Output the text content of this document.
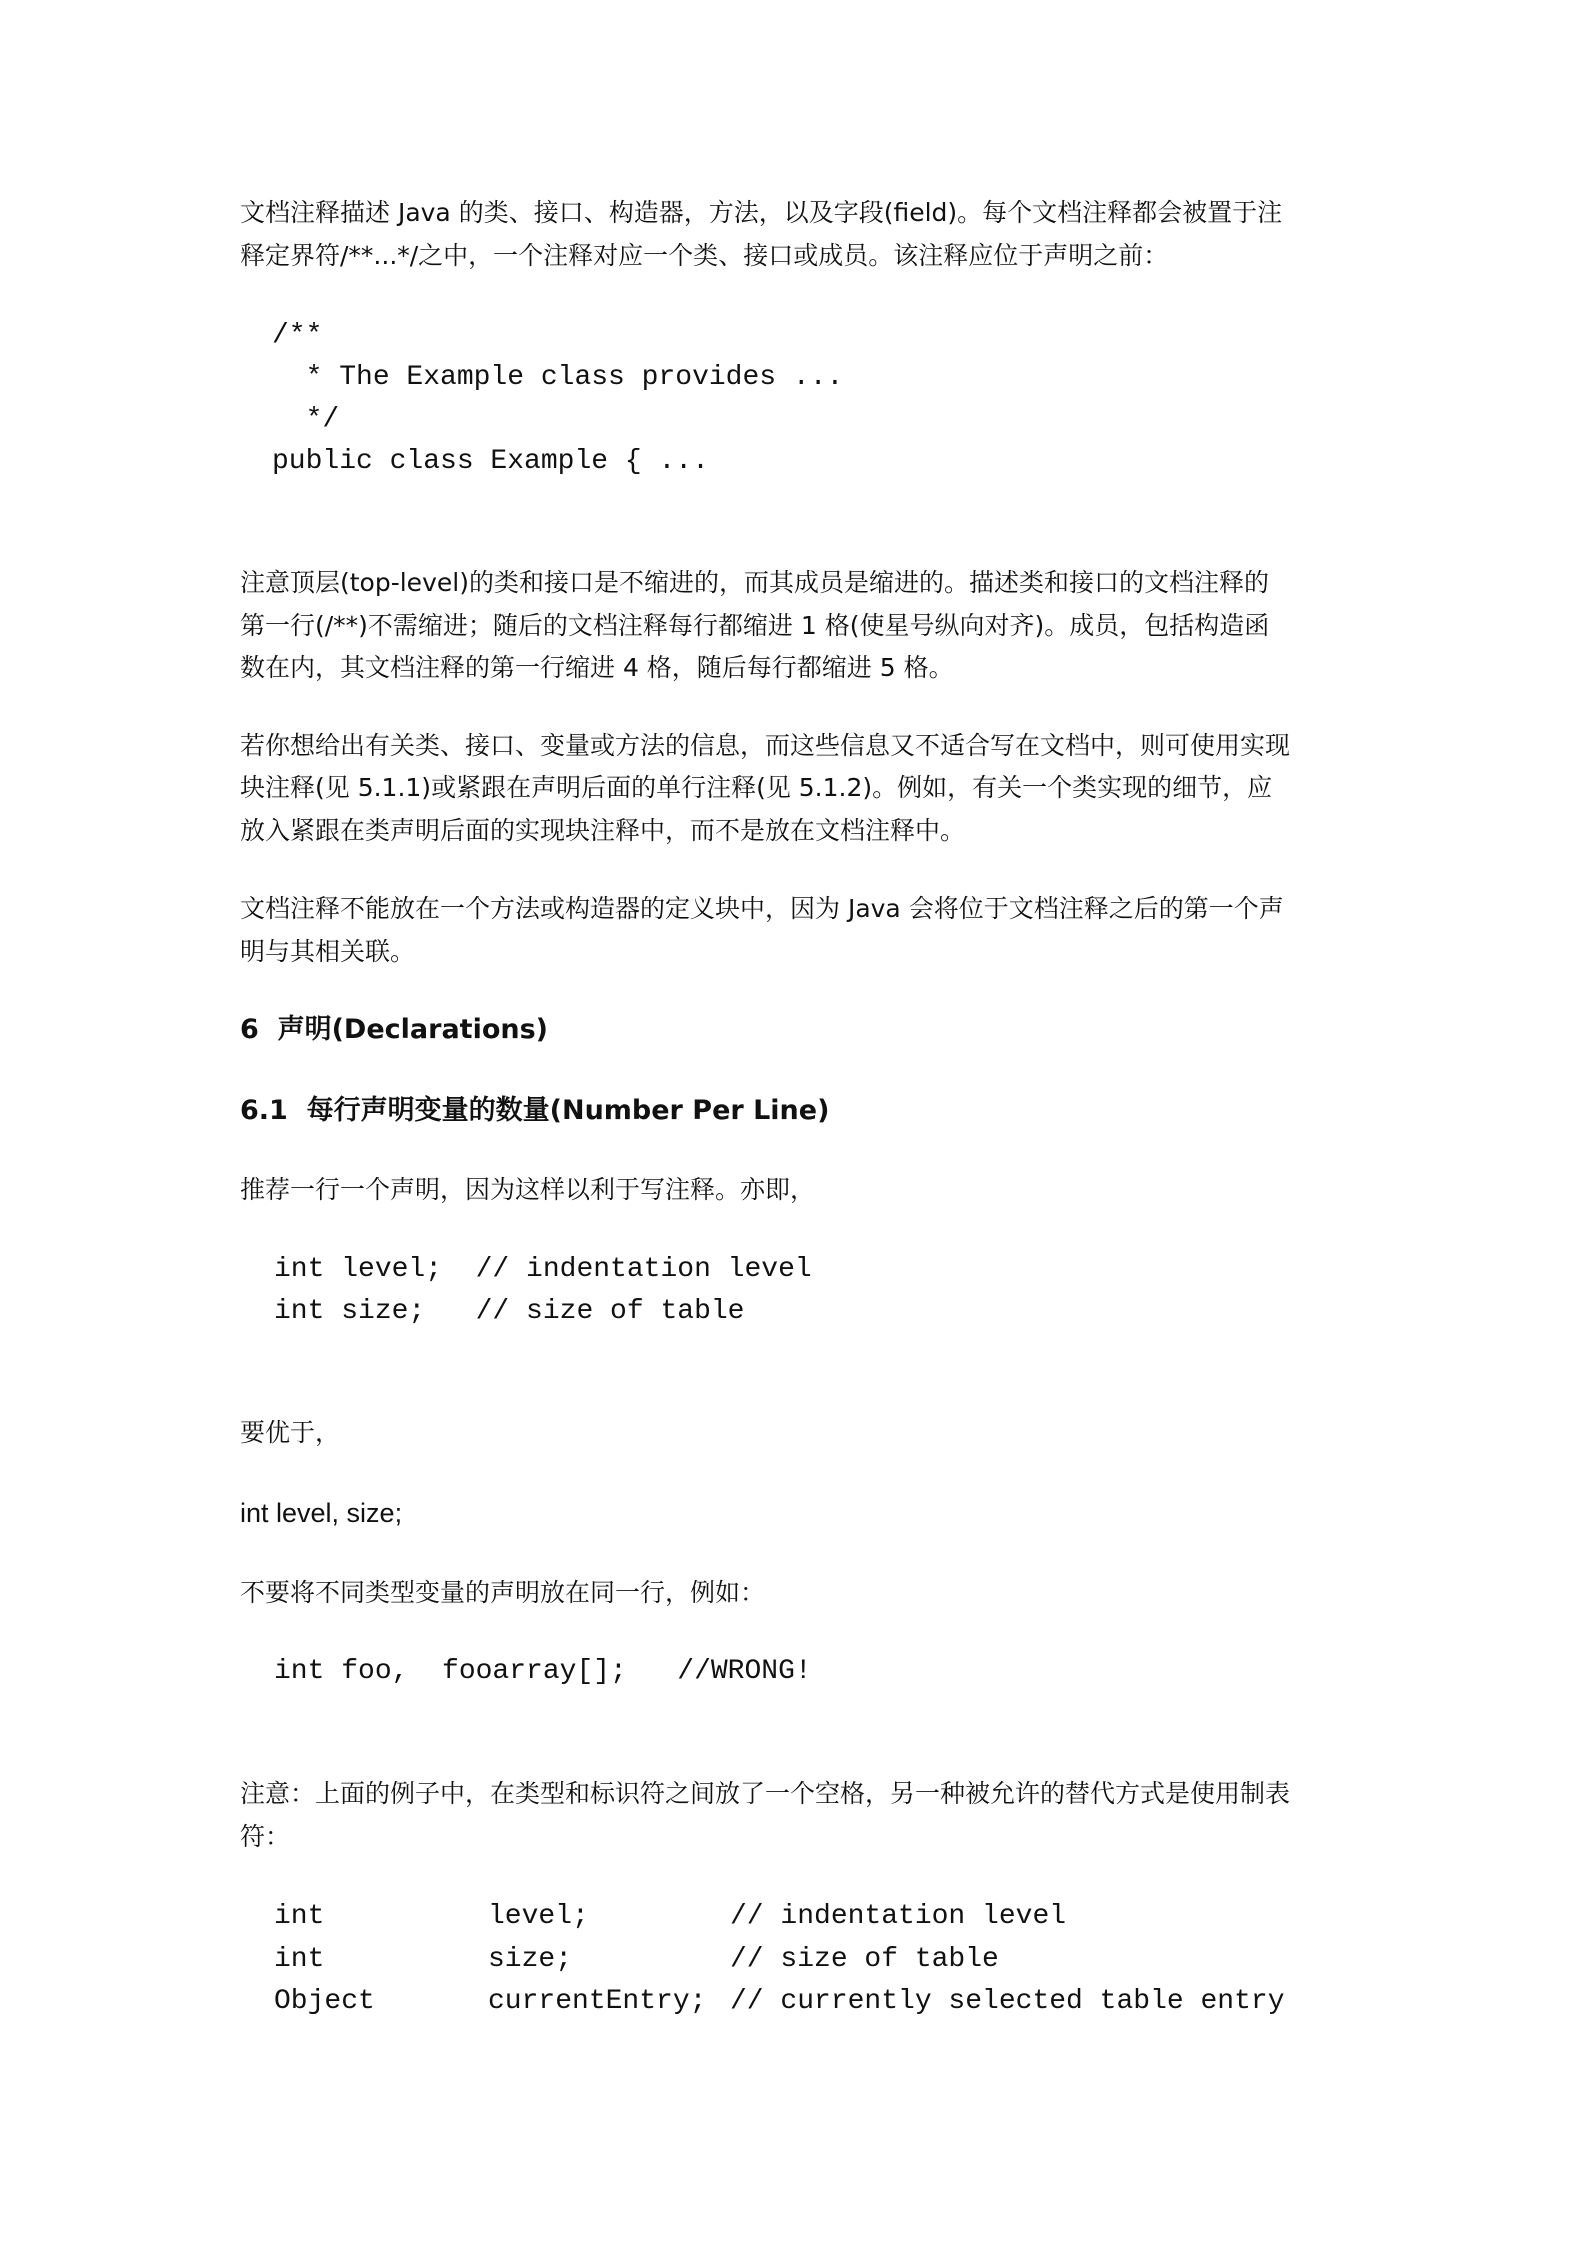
文档注释描述 Java 的类、接口、构造器，方法，以及字段(field)。每个文档注释都会被置于注
释定界符/**...*/之中，一个注释对应一个类、接口或成员。该注释应位于声明之前：
/**
* The Example class provides ...
*/
public class Example { ...
注意顶层(top-level)的类和接口是不缩进的，而其成员是缩进的。描述类和接口的文档注释的
第一行(/**)不需缩进；随后的文档注释每行都缩进 1 格(使星号纵向对齐)。成员，包括构造函
数在内，其文档注释的第一行缩进 4 格，随后每行都缩进 5 格。
若你想给出有关类、接口、变量或方法的信息，而这些信息又不适合写在文档中，则可使用实现
块注释(见 5.1.1)或紧跟在声明后面的单行注释(见 5.1.2)。例如，有关一个类实现的细节，应
放入紧跟在类声明后面的实现块注释中，而不是放在文档注释中。
文档注释不能放在一个方法或构造器的定义块中，因为 Java 会将位于文档注释之后的第一个声
明与其相关联。
6  声明(Declarations)
6.1  每行声明变量的数量(Number Per Line)
推荐一行一个声明，因为这样以利于写注释。亦即，
int level;  // indentation level
int size;   // size of table
要优于，
int level, size;
不要将不同类型变量的声明放在同一行，例如：
int foo,  fooarray[];   //WRONG!
注意：上面的例子中，在类型和标识符之间放了一个空格，另一种被允许的替代方式是使用制表
符：
int	level;	// indentation level
int	size;	// size of table
Object	currentEntry; // currently selected table entry
